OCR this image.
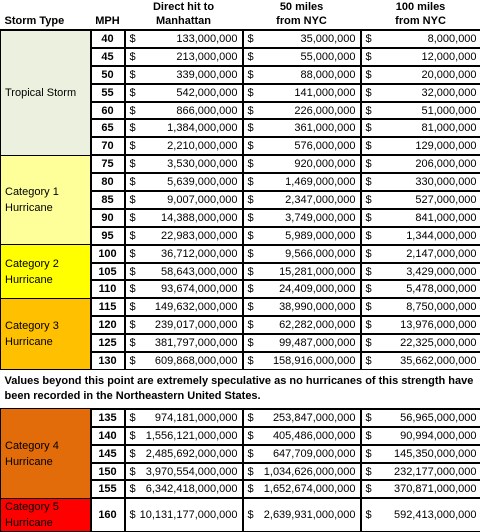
Storm Type	MPH	Direct hit to Manhattan		50 miles from NYC		100 miles from NYC	
Tropical Storm	40	$	133,000,000	$	35,000,000	$	8,000,000
	45	$	213,000,000	$	55,000,000	$	12,000,000
	50	$	339,000,000	$	88,000,000	$	20,000,000
	55	$	542,000,000	$	141,000,000	$	32,000,000
	60	$	866,000,000	$	226,000,000	$	51,000,000
	65	$	1,384,000,000	$	361,000,000	$	81,000,000
	70	$	2,210,000,000	$	576,000,000	$	129,000,000
Category 1 Hurricane	75	$	3,530,000,000	$	920,000,000	$	206,000,000
	80	$	5,639,000,000	$	1,469,000,000	$	330,000,000
	85	$	9,007,000,000	$	2,347,000,000	$	527,000,000
	90	$	14,388,000,000	$	3,749,000,000	$	841,000,000
	95	$	22,983,000,000	$	5,989,000,000	$	1,344,000,000
Category 2 Hurricane	100	$	36,712,000,000	$	9,566,000,000	$	2,147,000,000
	105	$	58,643,000,000	$	15,281,000,000	$	3,429,000,000
	110	$	93,674,000,000	$	24,409,000,000	$	5,478,000,000
Category 3 Hurricane	115	$	149,632,000,000	$	38,990,000,000	$	8,750,000,000
	120	$	239,017,000,000	$	62,282,000,000	$	13,976,000,000
	125	$	381,797,000,000	$	99,487,000,000	$	22,325,000,000
	130	$	609,868,000,000	$	158,916,000,000	$	35,662,000,000
Values beyond this point are extremely speculative as no hurricanes of this strength have been recorded in the Northeastern United States.							
Category 4 Hurricane	135	$	974,181,000,000	$	253,847,000,000	$	56,965,000,000
	140	$	1,556,121,000,000	$	405,486,000,000	$	90,994,000,000
	145	$	2,485,692,000,000	$	647,709,000,000	$	145,350,000,000
	150	$	3,970,554,000,000	$	1,034,626,000,000	$	232,177,000,000
	155	$	6,342,418,000,000	$	1,652,674,000,000	$	370,871,000,000
Category 5 Hurricane	160	$	10,131,177,000,000	$	2,639,931,000,000	$	592,413,000,000
